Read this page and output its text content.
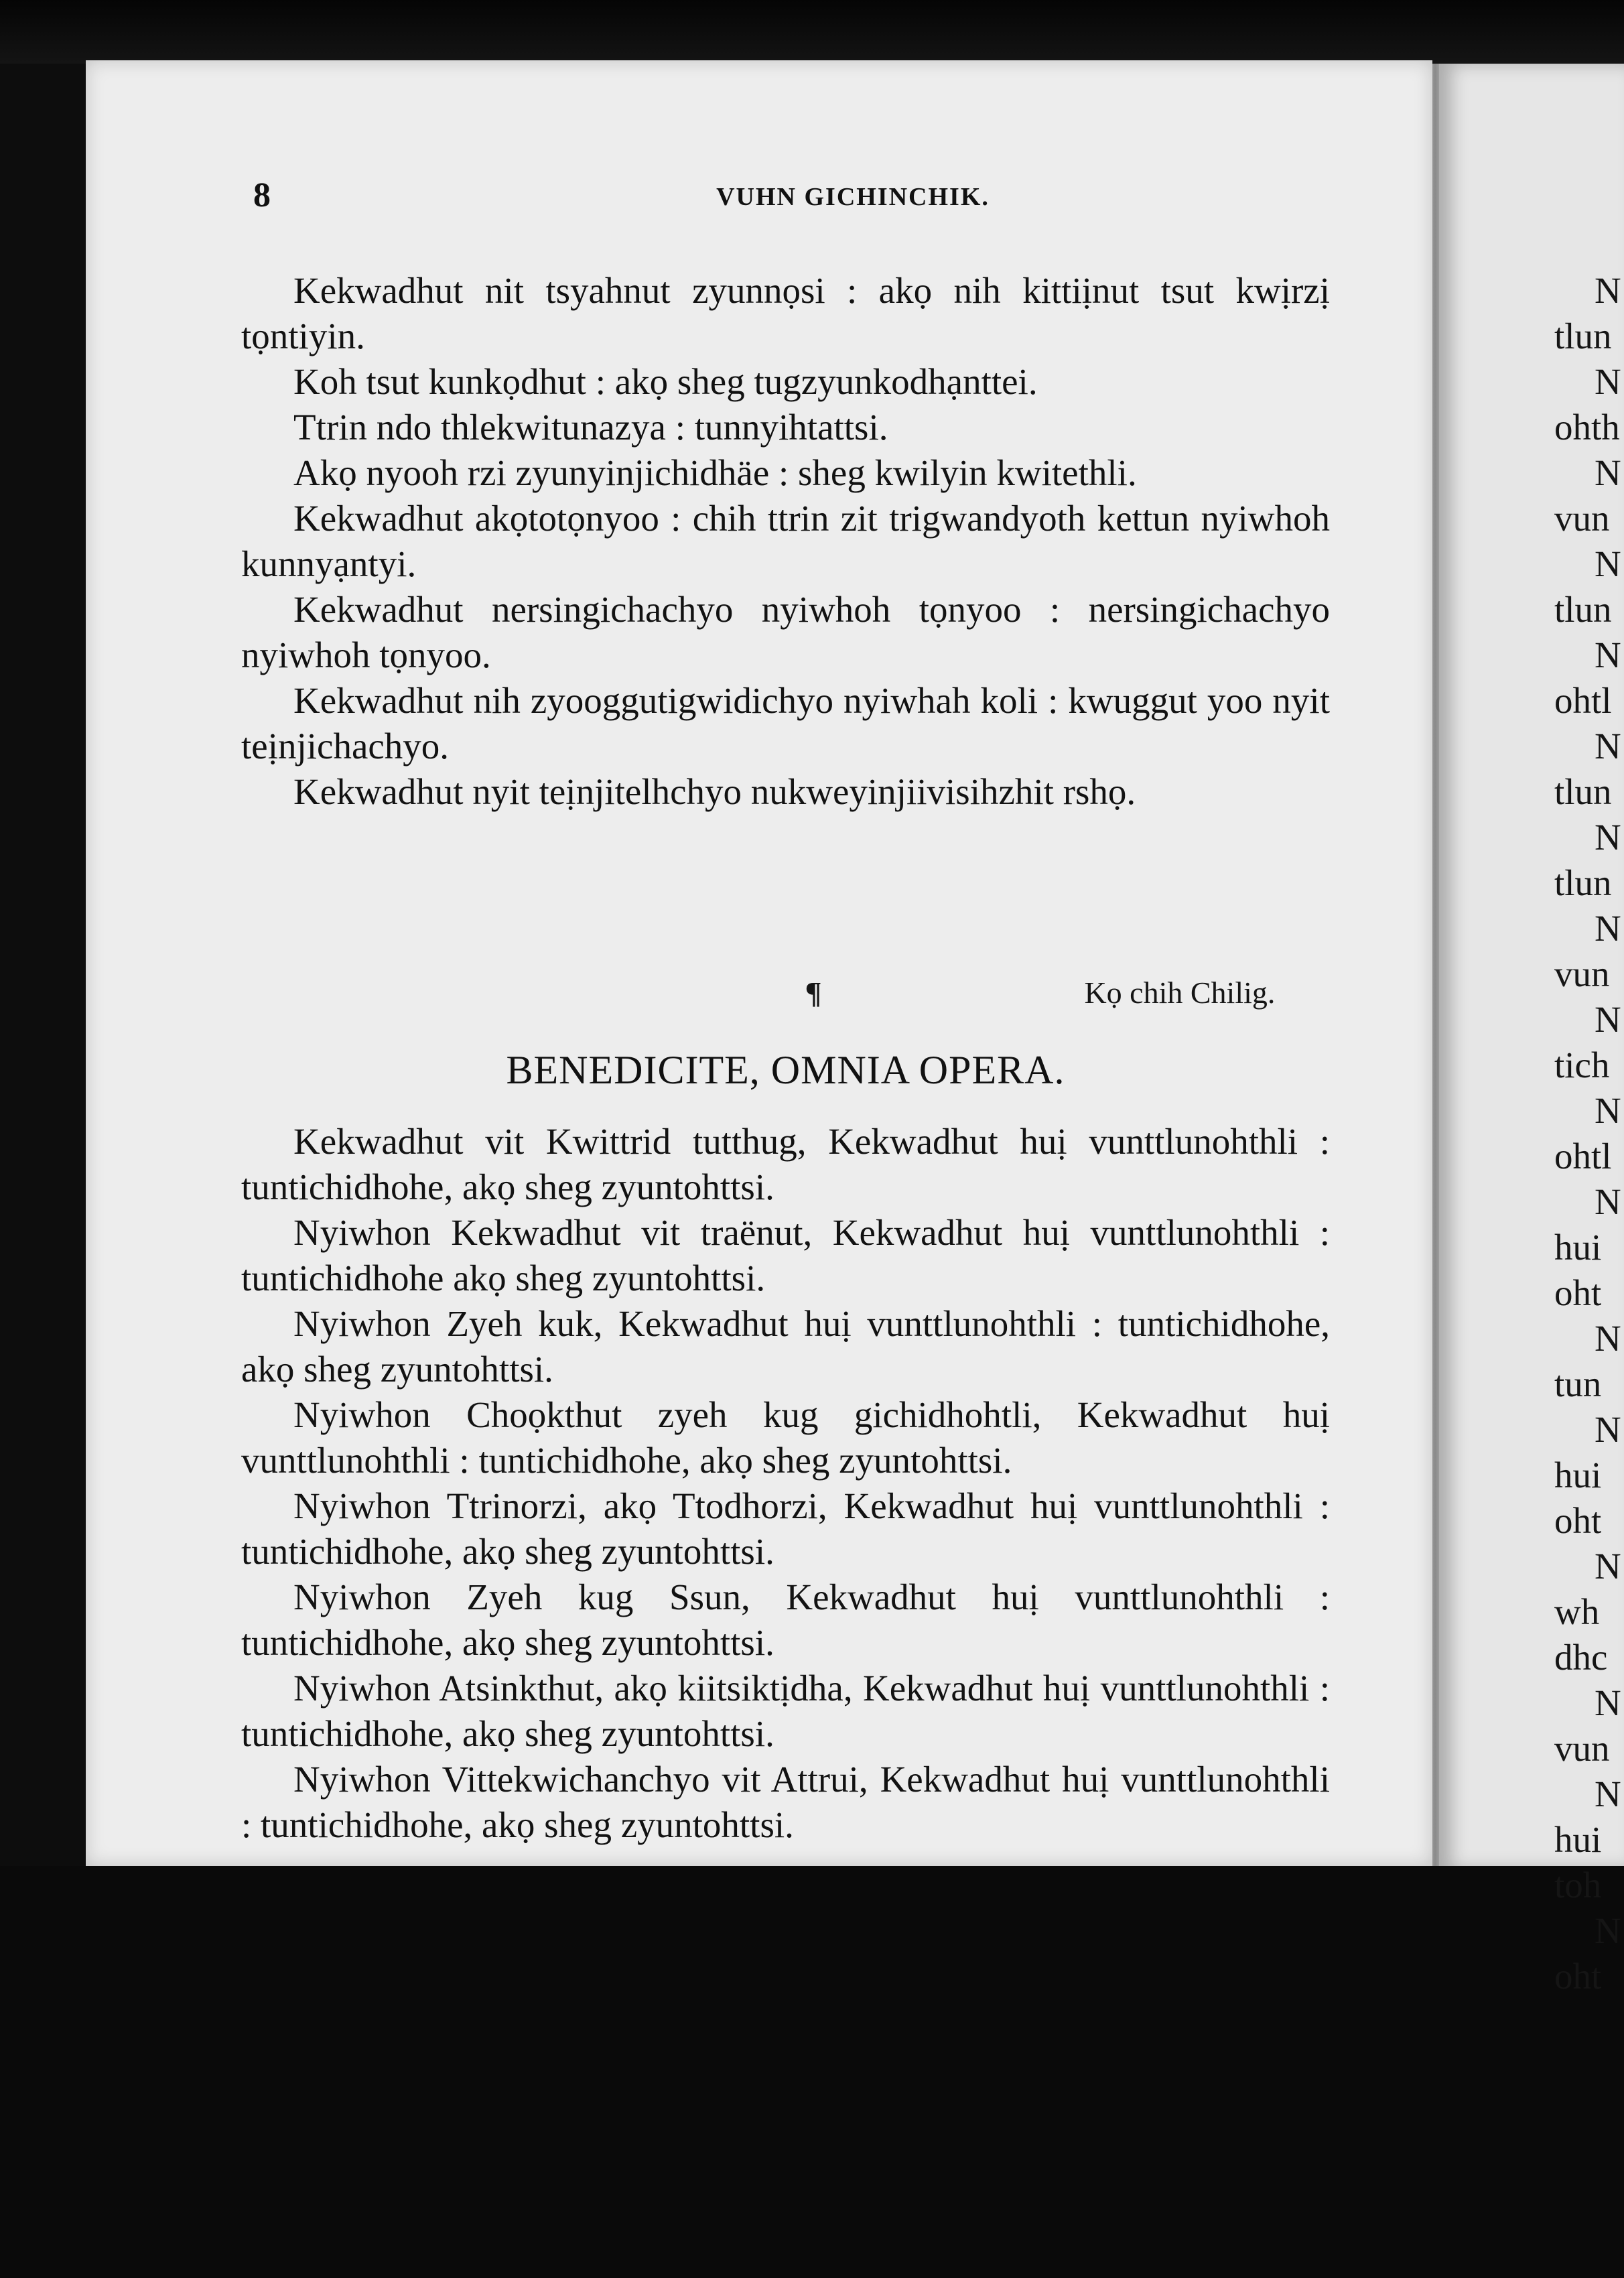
8	VUHN GICHINCHIK.

Kekwadhut nit tsyahnut zyunnọsi : akọ nih kittiịnut tsut kwịrzị tọntiyin.

Koh tsut kunkọdhut : akọ sheg tugzyunkodhạnttei.

Ttrin ndo thlekwitunazya : tunnyihtattsi.

Akọ nyooh rzi zyunyinjichidhäe : sheg kwilyin kwitethli.

Kekwadhut akọtotọnyoo : chih ttrin zit trigwandyoth kettun nyiwhoh kunnyạntyi.

Kekwadhut nersingichachyo nyiwhoh tọnyoo : nersingichachyo nyiwhoh tọnyoo.

Kekwadhut nih zyooggutigwidichyo nyiwhah koli : kwuggut yoo nyit teịnjichachyo.

Kekwadhut nyit teịnjitelhchyo nukweyinjiivisihzhit rshọ.

¶	Kọ chih Chilig.
BENEDICITE, OMNIA OPERA.

Kekwadhut vit Kwittrid tutthug, Kekwadhut huị vunttlunohthli : tuntichidhohe, akọ sheg zyuntohttsi.

Nyiwhon Kekwadhut vit traënut, Kekwadhut huị vunttlunohthli : tuntichidhohe akọ sheg zyuntohttsi.

Nyiwhon Zyeh kuk, Kekwadhut huị vunttlunohthli : tuntichidhohe, akọ sheg zyuntohttsi.

Nyiwhon Choọkthut zyeh kug gichidhohtli, Kekwadhut huị vunttlunohthli : tuntichidhohe, akọ sheg zyuntohttsi.

Nyiwhon Ttrinorzi, akọ Ttodhorzi, Kekwadhut huị vunttlunohthli : tuntichidhohe, akọ sheg zyuntohttsi.

Nyiwhon Zyeh kug Ssun, Kekwadhut huị vunttlunohthli : tuntichidhohe, akọ sheg zyuntohttsi.

Nyiwhon Atsinkthut, akọ kiitsiktịdha, Kekwadhut huị vunttlunohthli : tuntichidhohe, akọ sheg zyuntohttsi.

Nyiwhon Vittekwichanchyo vit Attrui, Kekwadhut huị vunttlunohthli : tuntichidhohe, akọ sheg zyuntohttsi.

N
tlun
N
ohth
N
vun
N
tlun
N
ohtl
N
tlun
N
tlun
N
vun
N
tich
N
ohtl
N
hui
oht
N
tun
N
hui
oht
N
wh
dhc
N
vun
N
hui
toh
N
oht
